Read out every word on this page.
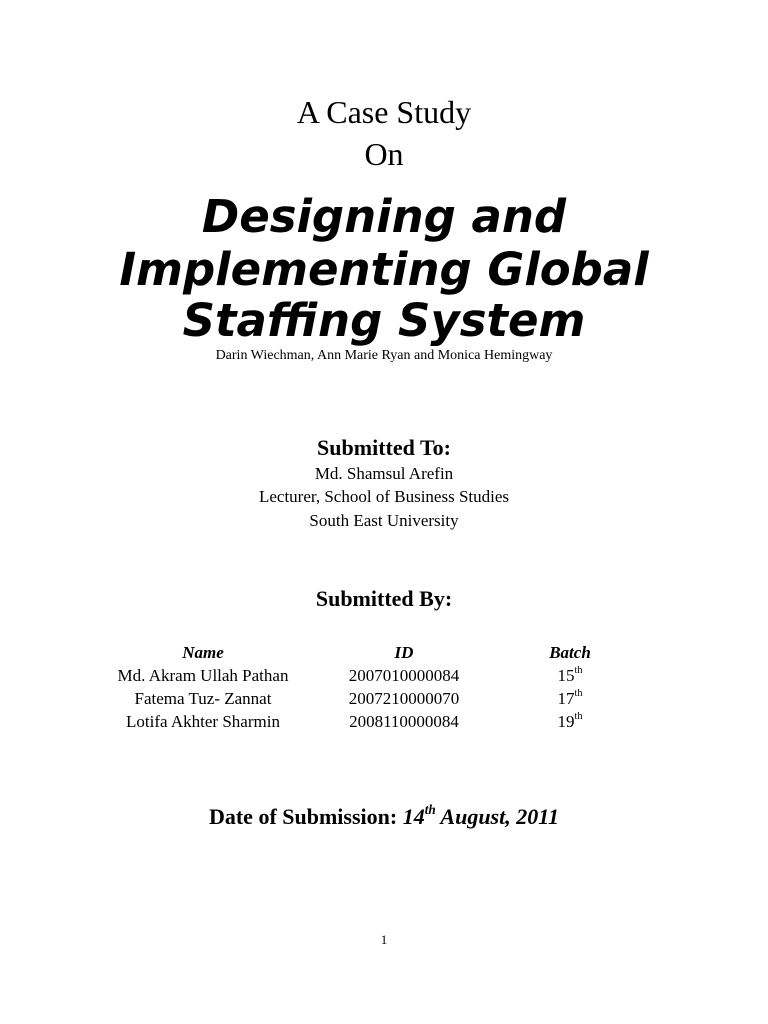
A Case Study
On
Designing and
Implementing Global
Staffing System
Darin Wiechman, Ann Marie Ryan and Monica Hemingway
Submitted To:
Md. Shamsul Arefin
Lecturer, School of Business Studies
South East University
Submitted By:
Name	ID	Batch
Md. Akram Ullah Pathan	2007010000084	15th
Fatema Tuz- Zannat	2007210000070	17th
Lotifa Akhter Sharmin	2008110000084	19th
Date of Submission: 14th August, 2011
1
